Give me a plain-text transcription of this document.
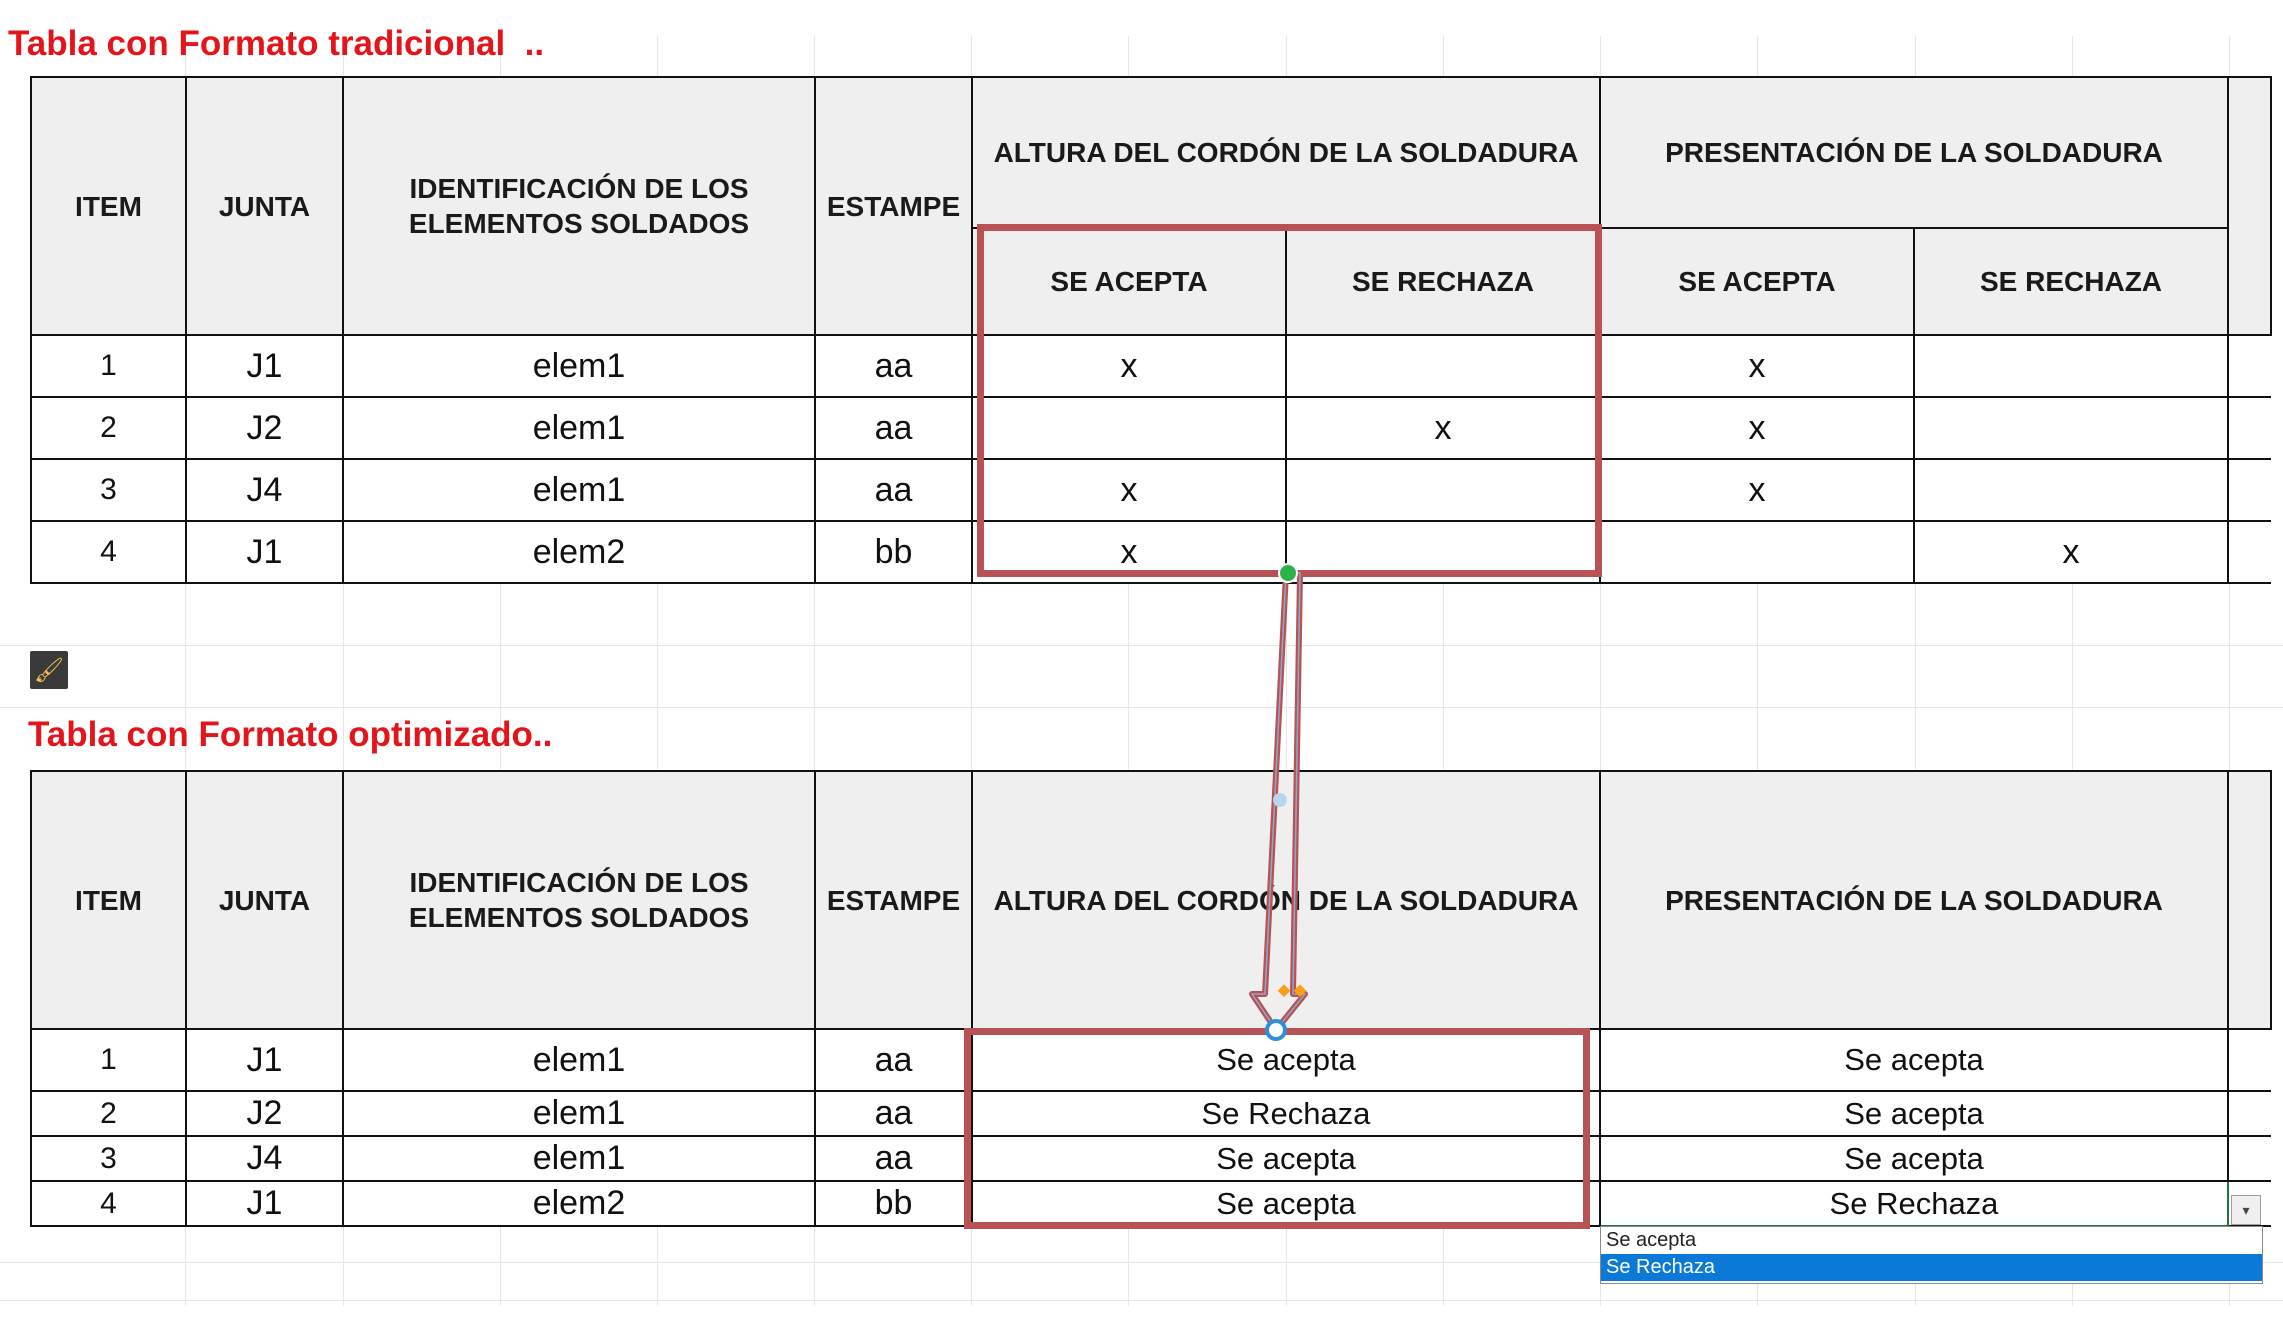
Tabla con Formato tradicional  ..
ITEM	JUNTA	IDENTIFICACIÓN DE LOS ELEMENTOS SOLDADOS	ESTAMPE	ALTURA DEL CORDÓN DE LA SOLDADURA		PRESENTACIÓN DE LA SOLDADURA		
				SE ACEPTA	SE RECHAZA	SE ACEPTA	SE RECHAZA	
1	J1	elem1	aa	x		x		
2	J2	elem1	aa		x	x		
3	J4	elem1	aa	x		x		
4	J1	elem2	bb	x			x	
🖌
Tabla con Formato optimizado..
ITEM	JUNTA	IDENTIFICACIÓN DE LOS ELEMENTOS SOLDADOS	ESTAMPE	ALTURA DEL CORDÓN DE LA SOLDADURA	PRESENTACIÓN DE LA SOLDADURA	
1	J1	elem1	aa	Se acepta	Se acepta	
2	J2	elem1	aa	Se Rechaza	Se acepta	
3	J4	elem1	aa	Se acepta	Se acepta	
4	J1	elem2	bb	Se acepta	Se Rechaza		▾
Se acepta
Se Rechaza
